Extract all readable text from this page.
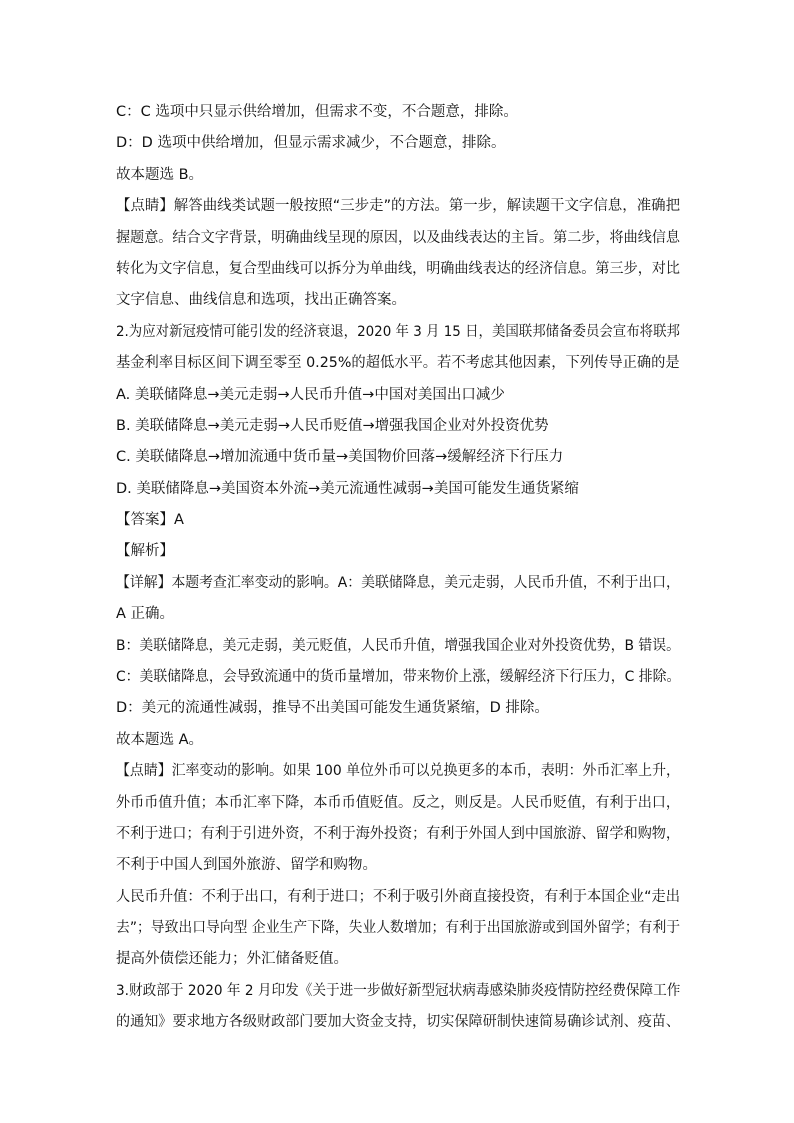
C：C 选项中只显示供给增加，但需求不变，不合题意，排除。
D：D 选项中供给增加，但显示需求减少，不合题意，排除。
故本题选 B。
【点睛】解答曲线类试题一般按照“三步走”的方法。第一步，解读题干文字信息，准确把
握题意。结合文字背景，明确曲线呈现的原因，以及曲线表达的主旨。第二步，将曲线信息
转化为文字信息，复合型曲线可以拆分为单曲线，明确曲线表达的经济信息。第三步，对比
文字信息、曲线信息和选项，找出正确答案。
2.为应对新冠疫情可能引发的经济衰退，2020 年 3 月 15 日，美国联邦储备委员会宣布将联邦
基金利率目标区间下调至零至 0.25%的超低水平。若不考虑其他因素，下列传导正确的是
A. 美联储降息→美元走弱→人民币升值→中国对美国出口减少
B. 美联储降息→美元走弱→人民币贬值→增强我国企业对外投资优势
C. 美联储降息→增加流通中货币量→美国物价回落→缓解经济下行压力
D. 美联储降息→美国资本外流→美元流通性减弱→美国可能发生通货紧缩
【答案】A
【解析】
【详解】本题考查汇率变动的影响。A：美联储降息，美元走弱，人民币升值，不利于出口，
A 正确。
B：美联储降息，美元走弱，美元贬值，人民币升值，增强我国企业对外投资优势，B 错误。
C：美联储降息，会导致流通中的货币量增加，带来物价上涨，缓解经济下行压力，C 排除。
D：美元的流通性减弱，推导不出美国可能发生通货紧缩，D 排除。
故本题选 A。
【点睛】汇率变动的影响。如果 100 单位外币可以兑换更多的本币，表明：外币汇率上升，
外币币值升值；本币汇率下降，本币币值贬值。反之，则反是。人民币贬值，有利于出口，
不利于进口；有利于引进外资，不利于海外投资；有利于外国人到中国旅游、留学和购物，
不利于中国人到国外旅游、留学和购物。
人民币升值：不利于出口，有利于进口；不利于吸引外商直接投资，有利于本国企业“走出
去”；导致出口导向型 企业生产下降，失业人数增加；有利于出国旅游或到国外留学；有利于
提高外债偿还能力；外汇储备贬值。
3.财政部于 2020 年 2 月印发《关于进一步做好新型冠状病毒感染肺炎疫情防控经费保障工作
的通知》要求地方各级财政部门要加大资金支持，切实保障研制快速简易确诊试剂、疫苗、
